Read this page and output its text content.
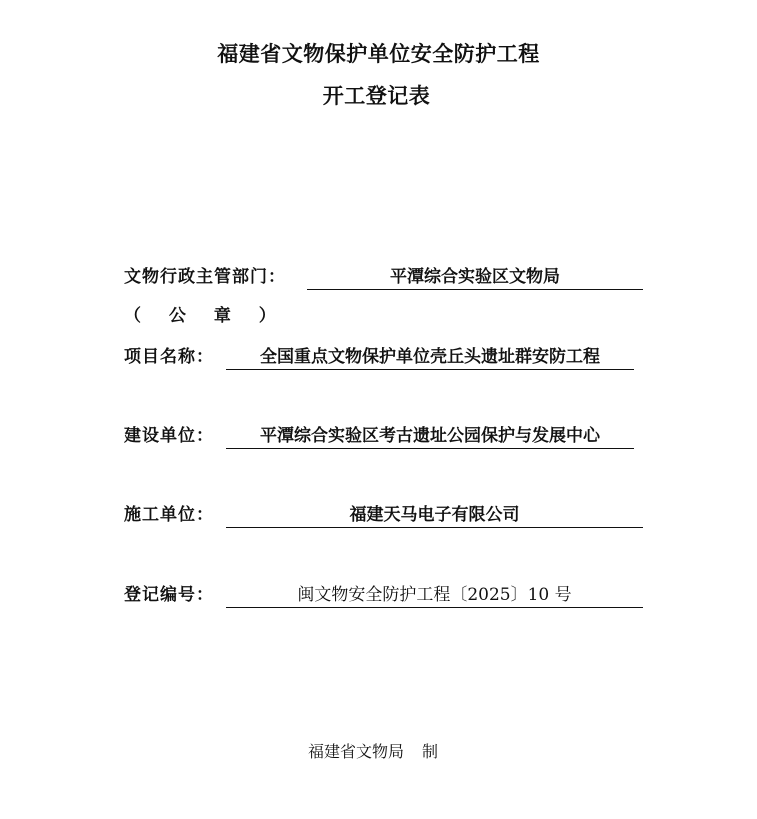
福建省文物保护单位安全防护工程
开工登记表
文物行政主管部门：	平潭综合实验区文物局
（ 公 章 ）
项目名称：	全国重点文物保护单位壳丘头遗址群安防工程
建设单位：	平潭综合实验区考古遗址公园保护与发展中心
施工单位：	福建天马电子有限公司
登记编号：	闽文物安全防护工程〔2025〕10 号
福建省文物局 制
